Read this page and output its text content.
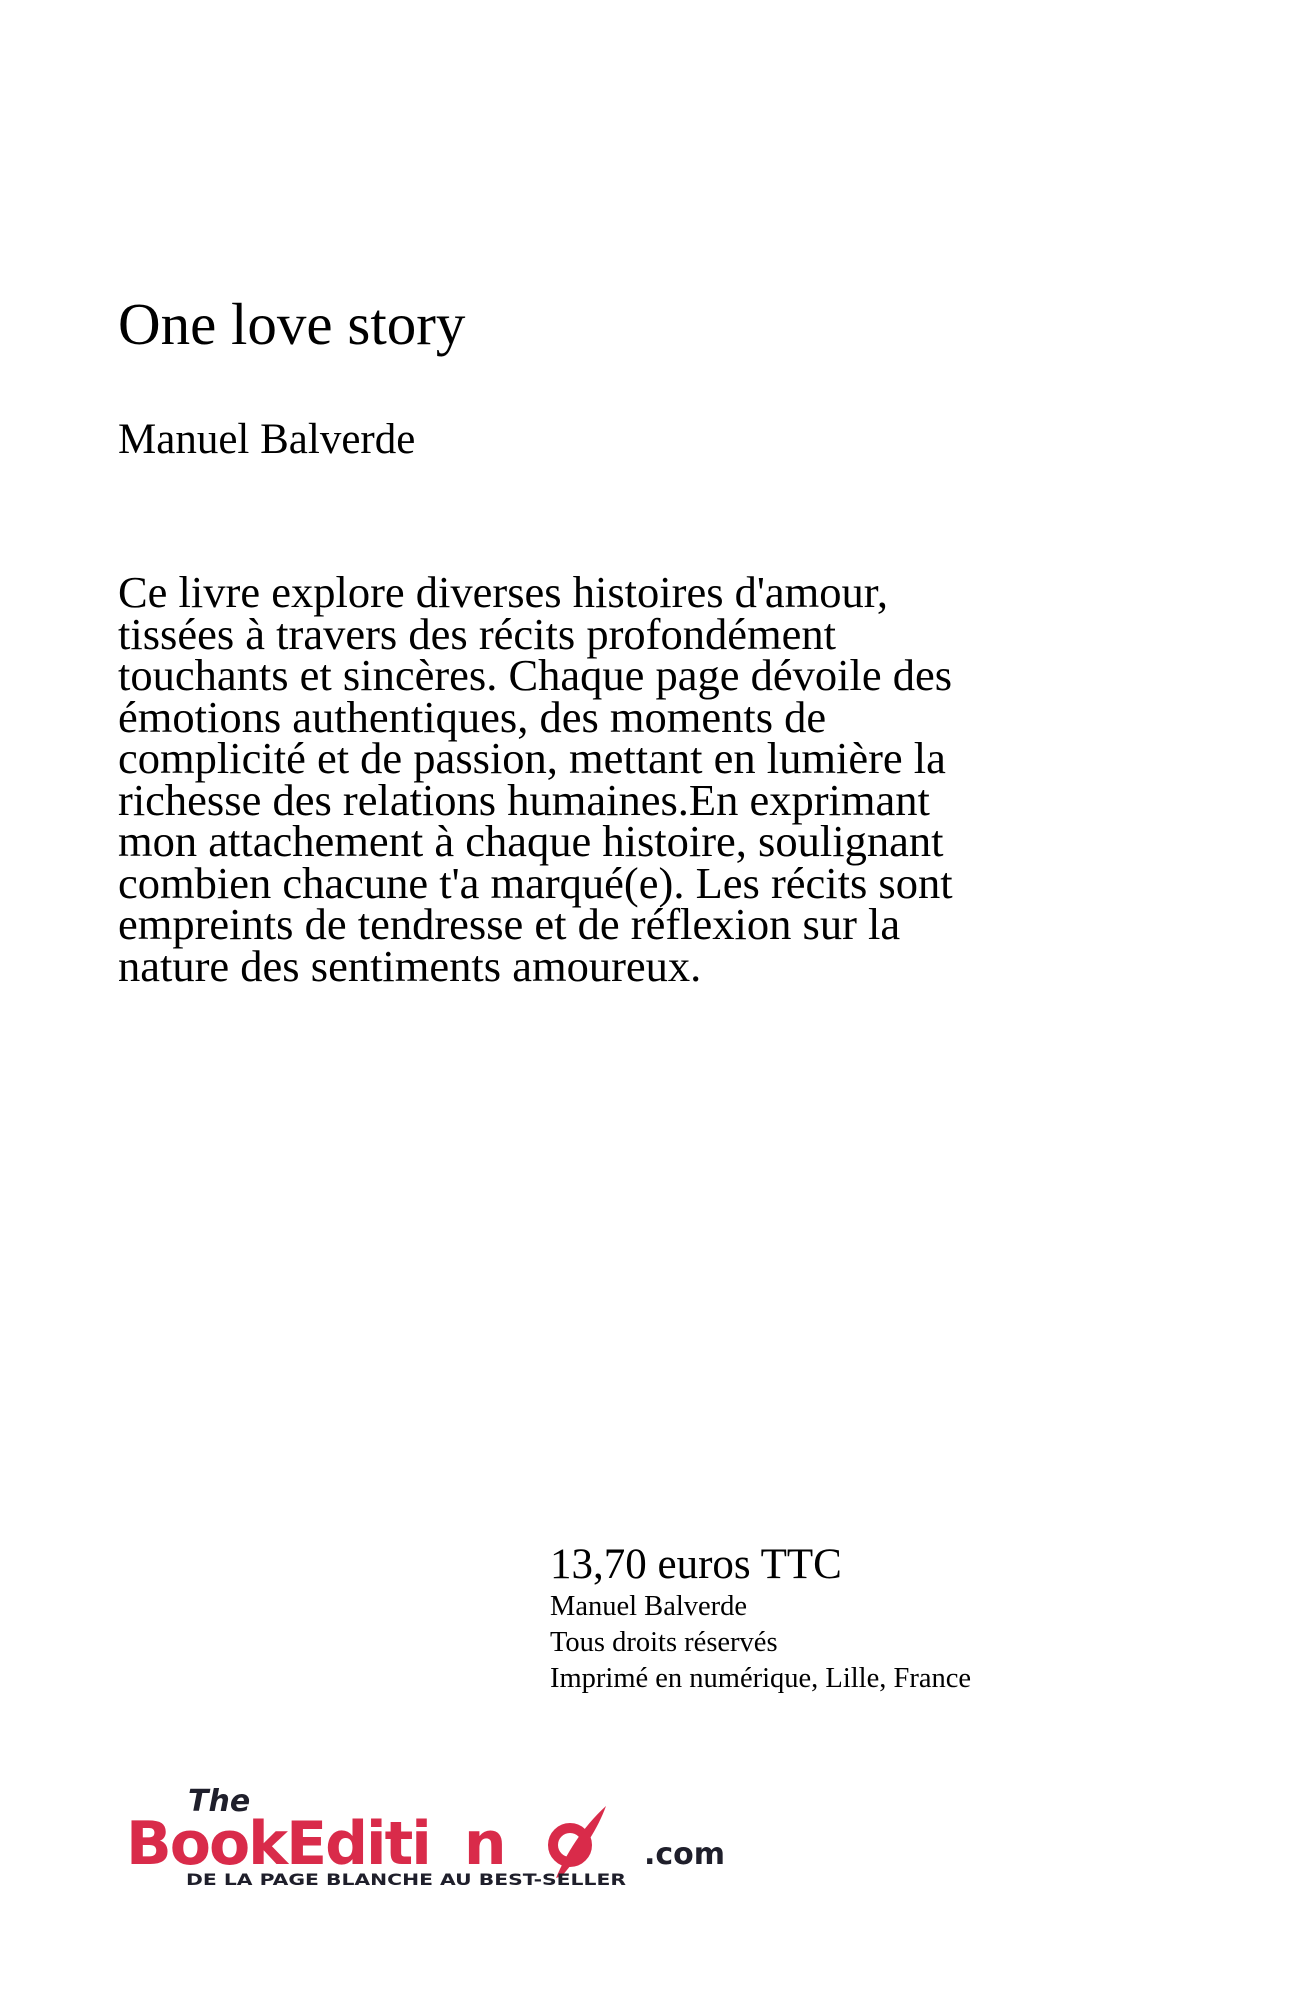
One love story
Manuel Balverde

Ce livre explore diverses histoires d'amour, tissées à travers des récits profondément touchants et sincères. Chaque page dévoile des émotions authentiques, des moments de complicité et de passion, mettant en lumière la richesse des relations humaines.En exprimant mon attachement à chaque histoire, soulignant combien chacune t'a marqué(e). Les récits sont empreints de tendresse et de réflexion sur la nature des sentiments amoureux.

13,70 euros TTC

Manuel Balverde

Tous droits réservés

Imprimé en numérique, Lille, France

The
BookEditi n	.com
DE LA PAGE BLANCHE AU BEST-SELLER
